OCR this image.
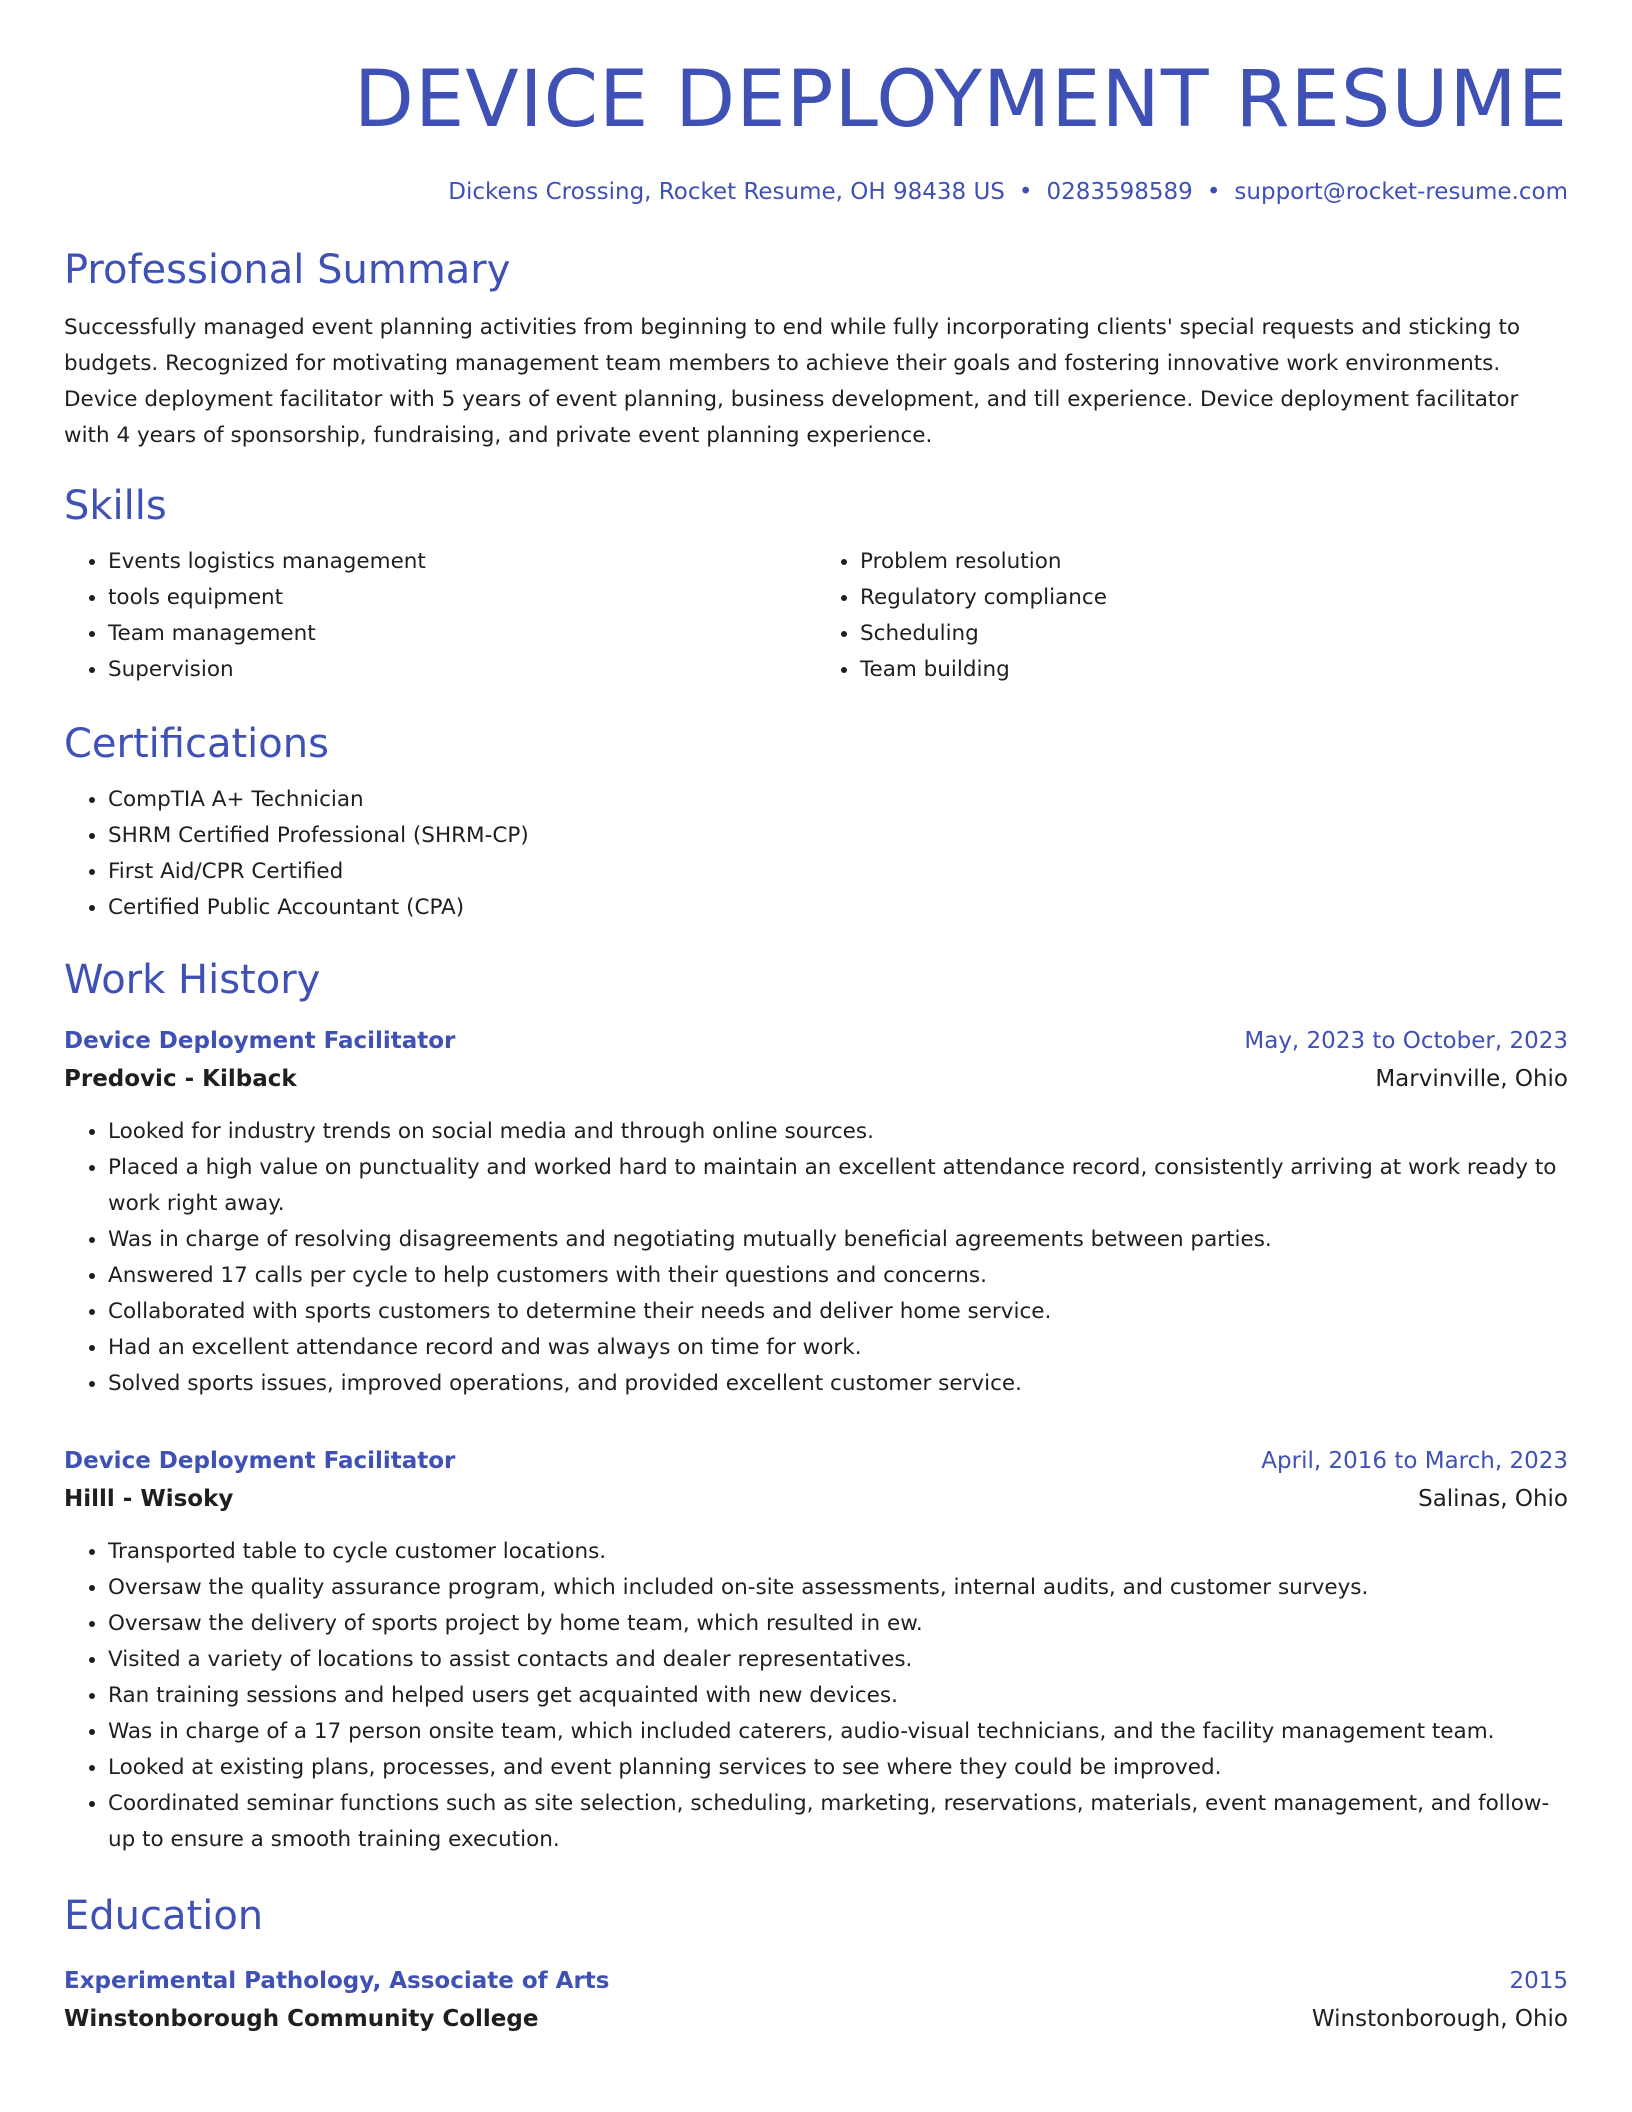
DEVICE DEPLOYMENT RESUME
Dickens Crossing, Rocket Resume, OH 98438 US • 0283598589 • support@rocket-resume.com
Professional Summary
Successfully managed event planning activities from beginning to end while fully incorporating clients' special requests and sticking to budgets. Recognized for motivating management team members to achieve their goals and fostering innovative work environments. Device deployment facilitator with 5 years of event planning, business development, and till experience. Device deployment facilitator with 4 years of sponsorship, fundraising, and private event planning experience.
Skills
• Events logistics management
• tools equipment
• Team management
• Supervision
• Problem resolution
• Regulatory compliance
• Scheduling
• Team building
Certifications
• CompTIA A+ Technician
• SHRM Certified Professional (SHRM-CP)
• First Aid/CPR Certified
• Certified Public Accountant (CPA)
Work History
Device Deployment Facilitator	May, 2023 to October, 2023
Predovic - Kilback	Marvinville, Ohio
• Looked for industry trends on social media and through online sources.
• Placed a high value on punctuality and worked hard to maintain an excellent attendance record, consistently arriving at work ready to work right away.
• Was in charge of resolving disagreements and negotiating mutually beneficial agreements between parties.
• Answered 17 calls per cycle to help customers with their questions and concerns.
• Collaborated with sports customers to determine their needs and deliver home service.
• Had an excellent attendance record and was always on time for work.
• Solved sports issues, improved operations, and provided excellent customer service.
Device Deployment Facilitator	April, 2016 to March, 2023
Hilll - Wisoky	Salinas, Ohio
• Transported table to cycle customer locations.
• Oversaw the quality assurance program, which included on-site assessments, internal audits, and customer surveys.
• Oversaw the delivery of sports project by home team, which resulted in ew.
• Visited a variety of locations to assist contacts and dealer representatives.
• Ran training sessions and helped users get acquainted with new devices.
• Was in charge of a 17 person onsite team, which included caterers, audio-visual technicians, and the facility management team.
• Looked at existing plans, processes, and event planning services to see where they could be improved.
• Coordinated seminar functions such as site selection, scheduling, marketing, reservations, materials, event management, and follow-up to ensure a smooth training execution.
Education
Experimental Pathology, Associate of Arts	2015
Winstonborough Community College	Winstonborough, Ohio
